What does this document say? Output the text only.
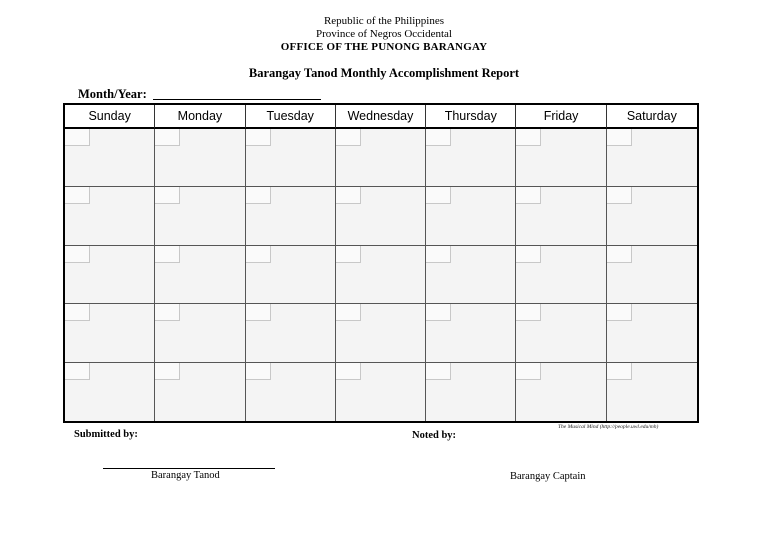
Republic of the Philippines
Province of Negros Occidental
OFFICE OF THE PUNONG BARANGAY
Barangay Tanod Monthly Accomplishment Report
Month/Year:
Sunday	Monday	Tuesday	Wednesday	Thursday	Friday	Saturday
The Musical Mind (http://people.uwl.edu/mh)
Submitted by:	Noted by:
Barangay Tanod	Barangay Captain
